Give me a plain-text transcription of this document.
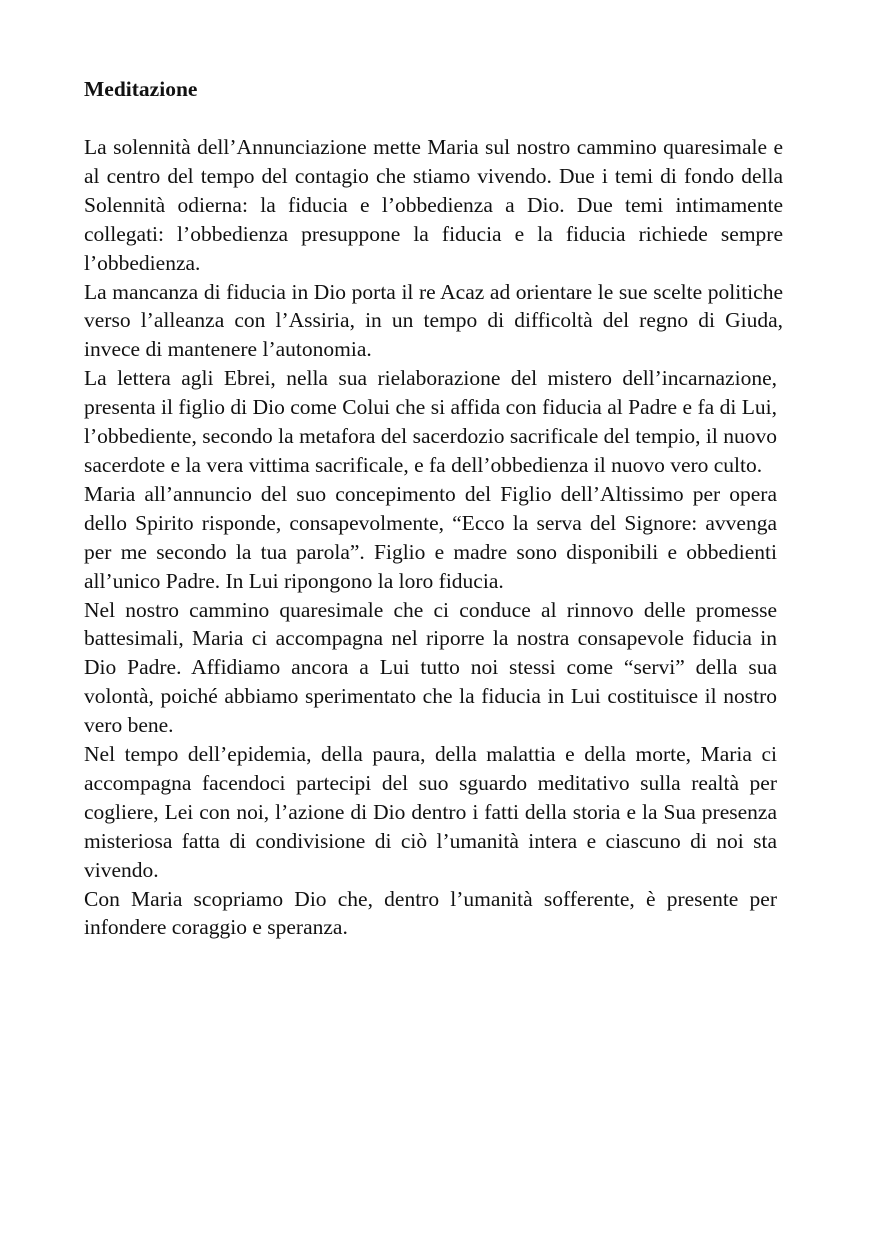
Meditazione

La solennità dell’Annunciazione mette Maria sul nostro cammino quaresimale e al centro del tempo del contagio che stiamo vivendo. Due i temi di fondo della Solennità odierna: la fiducia e l’obbedienza a Dio. Due temi intimamente collegati: l’obbedienza presuppone la fiducia e la fiducia richiede sempre l’obbedienza.

La mancanza di fiducia in Dio porta il re Acaz ad orientare le sue scelte politiche verso l’alleanza con l’Assiria, in un tempo di difficoltà del regno di Giuda, invece di mantenere l’autonomia.

La lettera agli Ebrei, nella sua rielaborazione del mistero dell’incarnazione, presenta il figlio di Dio come Colui che si affida con fiducia al Padre e fa di Lui, l’obbediente, secondo la metafora del sacerdozio sacrificale del tempio, il nuovo sacerdote e la vera vittima sacrificale, e fa dell’obbedienza il nuovo vero culto.

Maria all’annuncio del suo concepimento del Figlio dell’Altissimo per opera dello Spirito risponde, consapevolmente, “Ecco la serva del Signore: avvenga per me secondo la tua parola”. Figlio e madre sono disponibili e obbedienti all’unico Padre. In Lui ripongono la loro fiducia.

Nel nostro cammino quaresimale che ci conduce al rinnovo delle promesse battesimali, Maria ci accompagna nel riporre la nostra consapevole fiducia in Dio Padre. Affidiamo ancora a Lui tutto noi stessi come “servi” della sua volontà, poiché abbiamo sperimentato che la fiducia in Lui costituisce il nostro vero bene.

Nel tempo dell’epidemia, della paura, della malattia e della morte, Maria ci accompagna facendoci partecipi del suo sguardo meditativo sulla realtà per cogliere, Lei con noi, l’azione di Dio dentro i fatti della storia e la Sua presenza misteriosa fatta di condivisione di ciò l’umanità intera e ciascuno di noi sta vivendo.

Con Maria scopriamo Dio che, dentro l’umanità sofferente, è presente per infondere coraggio e speranza.
